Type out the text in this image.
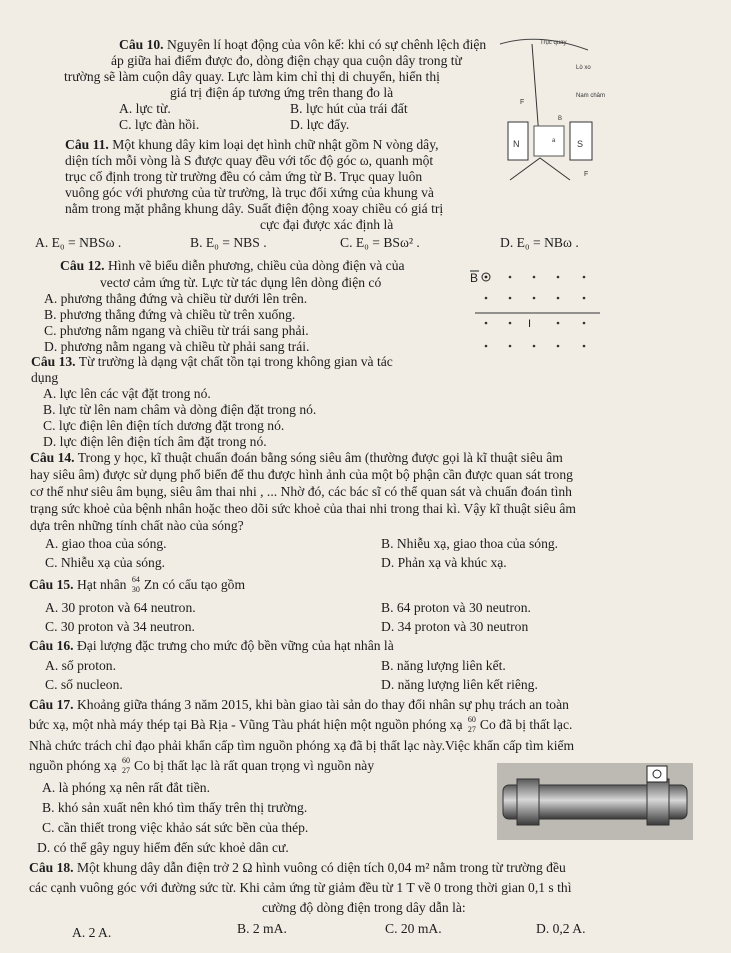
Câu 10. Nguyên lí hoạt động của vôn kế: khi có sự chênh lệch điện
áp giữa hai điểm được đo, dòng điện chạy qua cuộn dây trong từ
trường sẽ làm cuộn dây quay. Lực làm kim chỉ thị di chuyển, hiển thị
giá trị điện áp tương ứng trên thang đo là
A. lực từ.	B. lực hút của trái đất
C. lực đàn hồi.	D. lực đẩy.
Trục quay
Lò xo
Nam châm
F
N
B
a S
F
Câu 11. Một khung dây kim loại dẹt hình chữ nhật gồm N vòng dây,
diện tích mỗi vòng là S được quay đều với tốc độ góc ω, quanh một
trục cố định trong từ trường đều có cảm ứng từ B. Trục quay luôn
vuông góc với phương của từ trường, là trục đối xứng của khung và
nằm trong mặt phẳng khung dây. Suất điện động xoay chiều có giá trị
cực đại được xác định là
A. E₀ = NBSω .	B. E₀ = NBS .	C. E₀ = BSω² .	D. E₀ = NBω .
Câu 12. Hình vẽ biểu diễn phương, chiều của dòng điện và của
vectơ cảm ứng từ. Lực từ tác dụng lên dòng điện có
A. phương thẳng đứng và chiều từ dưới lên trên.
B. phương thẳng đứng và chiều từ trên xuống.
C. phương nằm ngang và chiều từ trái sang phải.
D. phương nằm ngang và chiều từ phải sang trái.
B
I
Câu 13. Từ trường là dạng vật chất tồn tại trong không gian và tác
dụng
A. lực lên các vật đặt trong nó.
B. lực từ lên nam châm và dòng điện đặt trong nó.
C. lực điện lên điện tích dương đặt trong nó.
D. lực điện lên điện tích âm đặt trong nó.
Câu 14. Trong y học, kĩ thuật chuẩn đoán bằng sóng siêu âm (thường được gọi là kĩ thuật siêu âm
hay siêu âm) được sử dụng phổ biến để thu được hình ảnh của một bộ phận cần được quan sát trong
cơ thể như siêu âm bụng, siêu âm thai nhi , ... Nhờ đó, các bác sĩ có thể quan sát và chuẩn đoán tình
trạng sức khoẻ của bệnh nhân hoặc theo dõi sức khoẻ của thai nhi trong thai kì. Vậy kĩ thuật siêu âm
dựa trên những tính chất nào của sóng?
A. giao thoa của sóng.	B. Nhiễu xạ, giao thoa của sóng.
C. Nhiễu xạ của sóng.	D. Phản xạ và khúc xạ.
Câu 15. Hạt nhân 64
30 Zn có cấu tạo gồm
A. 30 proton và 64 neutron.	B. 64 proton và 30 neutron.
C. 30 proton và 34 neutron.	D. 34 proton và 30 neutron
Câu 16. Đại lượng đặc trưng cho mức độ bền vững của hạt nhân là
A. số proton.	B. năng lượng liên kết.
C. số nucleon.	D. năng lượng liên kết riêng.
Câu 17. Khoảng giữa tháng 3 năm 2015, khi bàn giao tài sản do thay đổi nhân sự phụ trách an toàn
bức xạ, một nhà máy thép tại Bà Rịa - Vũng Tàu phát hiện một nguồn phóng xạ 60
27 Co đã bị thất lạc.
Nhà chức trách chỉ đạo phải khẩn cấp tìm nguồn phóng xạ đã bị thất lạc này.Việc khẩn cấp tìm kiếm
nguồn phóng xạ 60
27 Co bị thất lạc là rất quan trọng vì nguồn này
A. là phóng xạ nên rất đắt tiền.
B. khó sản xuất nên khó tìm thấy trên thị trường.
C. cần thiết trong việc khảo sát sức bền của thép.
D. có thể gây nguy hiểm đến sức khoẻ dân cư.
Câu 18. Một khung dây dẫn điện trở 2 Ω hình vuông có diện tích 0,04 m² nằm trong từ trường đều
các cạnh vuông góc với đường sức từ. Khi cảm ứng từ giảm đều từ 1 T về 0 trong thời gian 0,1 s thì
cường độ dòng điện trong dây dẫn là:
A. 2 A.	B. 2 mA.	C. 20 mA.	D. 0,2 A.
